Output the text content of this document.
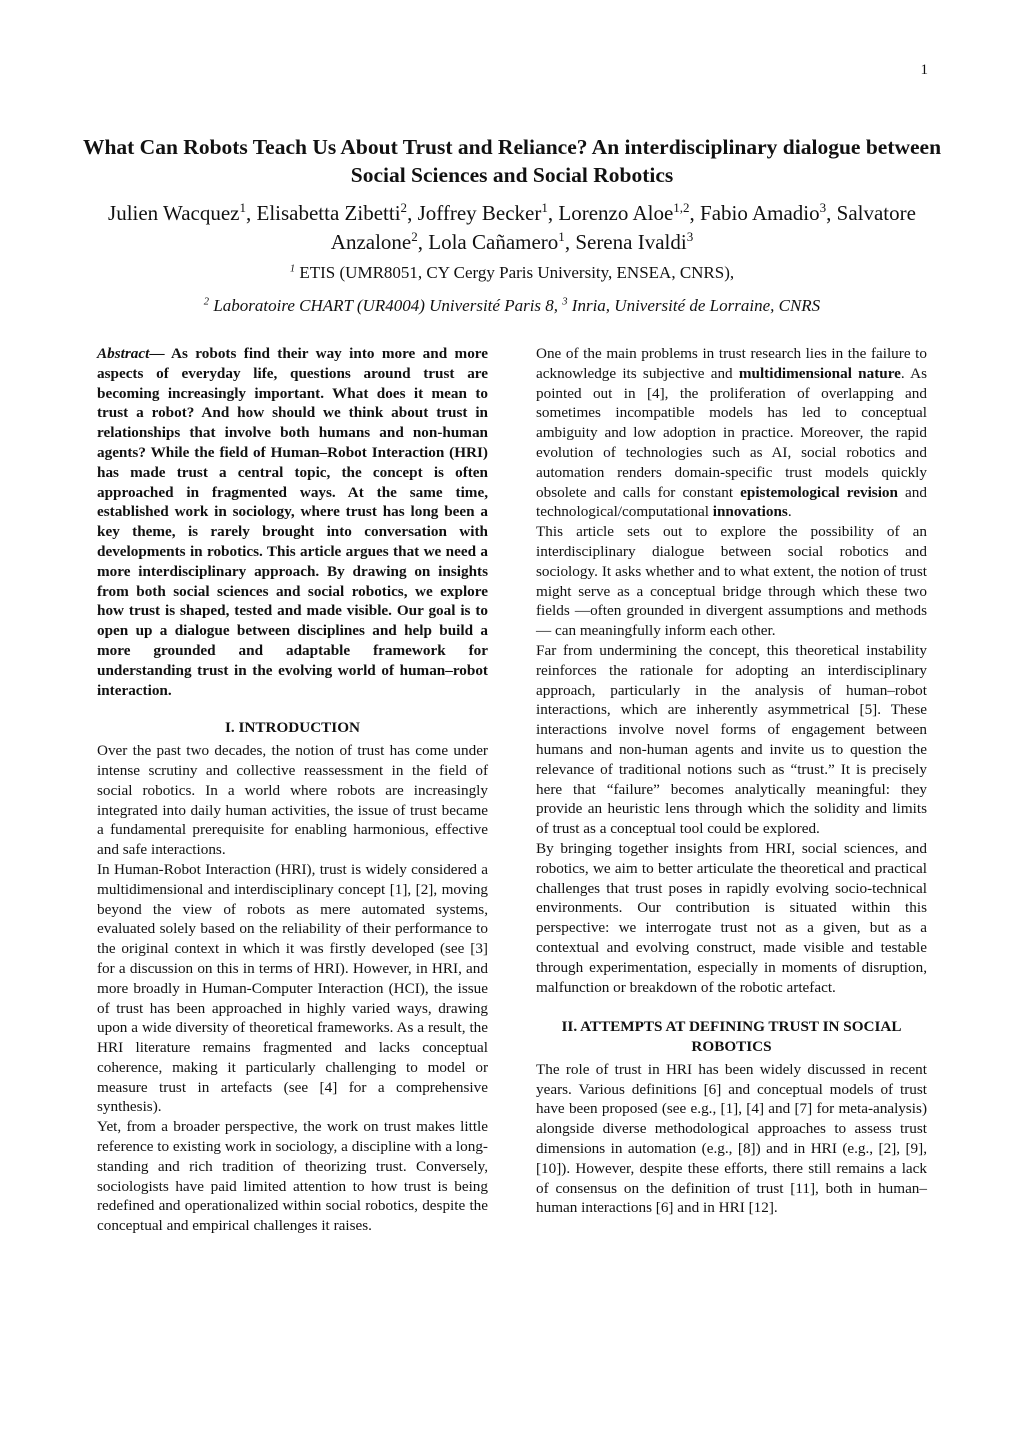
1
What Can Robots Teach Us About Trust and Reliance? An interdisciplinary dialogue between Social Sciences and Social Robotics
Julien Wacquez$^1$, Elisabetta Zibetti$^2$, Joffrey Becker$^1$, Lorenzo Aloe$^{1,2}$, Fabio Amadio$^3$, Salvatore Anzalone$^2$, Lola Cañamero$^1$, Serena Ivaldi$^3$
$^1$ ETIS (UMR8051, CY Cergy Paris University, ENSEA, CNRS),
$^2$ Laboratoire CHART (UR4004) Université Paris 8, $^3$ Inria, Université de Lorraine, CNRS

Abstract— As robots find their way into more and more aspects of everyday life, questions around trust are becoming increasingly important. What does it mean to trust a robot? And how should we think about trust in relationships that involve both humans and non-human agents? While the field of Human–Robot Interaction (HRI) has made trust a central topic, the concept is often approached in fragmented ways. At the same time, established work in sociology, where trust has long been a key theme, is rarely brought into conversation with developments in robotics. This article argues that we need a more interdisciplinary approach. By drawing on insights from both social sciences and social robotics, we explore how trust is shaped, tested and made visible. Our goal is to open up a dialogue between disciplines and help build a more grounded and adaptable framework for understanding trust in the evolving world of human–robot interaction.

I. INTRODUCTION

Over the past two decades, the notion of trust has come under intense scrutiny and collective reassessment in the field of social robotics. In a world where robots are increasingly integrated into daily human activities, the issue of trust became a fundamental prerequisite for enabling harmonious, effective and safe interactions.

In Human-Robot Interaction (HRI), trust is widely considered a multidimensional and interdisciplinary concept [1], [2], moving beyond the view of robots as mere automated systems, evaluated solely based on the reliability of their performance to the original context in which it was firstly developed (see [3] for a discussion on this in terms of HRI). However, in HRI, and more broadly in Human-Computer Interaction (HCI), the issue of trust has been approached in highly varied ways, drawing upon a wide diversity of theoretical frameworks. As a result, the HRI literature remains fragmented and lacks conceptual coherence, making it particularly challenging to model or measure trust in artefacts (see [4] for a comprehensive synthesis).

Yet, from a broader perspective, the work on trust makes little reference to existing work in sociology, a discipline with a long-standing and rich tradition of theorizing trust. Conversely, sociologists have paid limited attention to how trust is being redefined and operationalized within social robotics, despite the conceptual and empirical challenges it raises.

One of the main problems in trust research lies in the failure to acknowledge its subjective and multidimensional nature. As pointed out in [4], the proliferation of overlapping and sometimes incompatible models has led to conceptual ambiguity and low adoption in practice. Moreover, the rapid evolution of technologies such as AI, social robotics and automation renders domain-specific trust models quickly obsolete and calls for constant epistemological revision and technological/computational innovations.

This article sets out to explore the possibility of an interdisciplinary dialogue between social robotics and sociology. It asks whether and to what extent, the notion of trust might serve as a conceptual bridge through which these two fields —often grounded in divergent assumptions and methods— can meaningfully inform each other.

Far from undermining the concept, this theoretical instability reinforces the rationale for adopting an interdisciplinary approach, particularly in the analysis of human–robot interactions, which are inherently asymmetrical [5]. These interactions involve novel forms of engagement between humans and non-human agents and invite us to question the relevance of traditional notions such as “trust.” It is precisely here that “failure” becomes analytically meaningful: they provide an heuristic lens through which the solidity and limits of trust as a conceptual tool could be explored.

By bringing together insights from HRI, social sciences, and robotics, we aim to better articulate the theoretical and practical challenges that trust poses in rapidly evolving socio-technical environments. Our contribution is situated within this perspective: we interrogate trust not as a given, but as a contextual and evolving construct, made visible and testable through experimentation, especially in moments of disruption, malfunction or breakdown of the robotic artefact.

II. ATTEMPTS AT DEFINING TRUST IN SOCIAL ROBOTICS

The role of trust in HRI has been widely discussed in recent years. Various definitions [6] and conceptual models of trust have been proposed (see e.g., [1], [4] and [7] for meta-analysis) alongside diverse methodological approaches to assess trust dimensions in automation (e.g., [8]) and in HRI (e.g., [2], [9], [10]). However, despite these efforts, there still remains a lack of consensus on the definition of trust [11], both in human–human interactions [6] and in HRI [12].
